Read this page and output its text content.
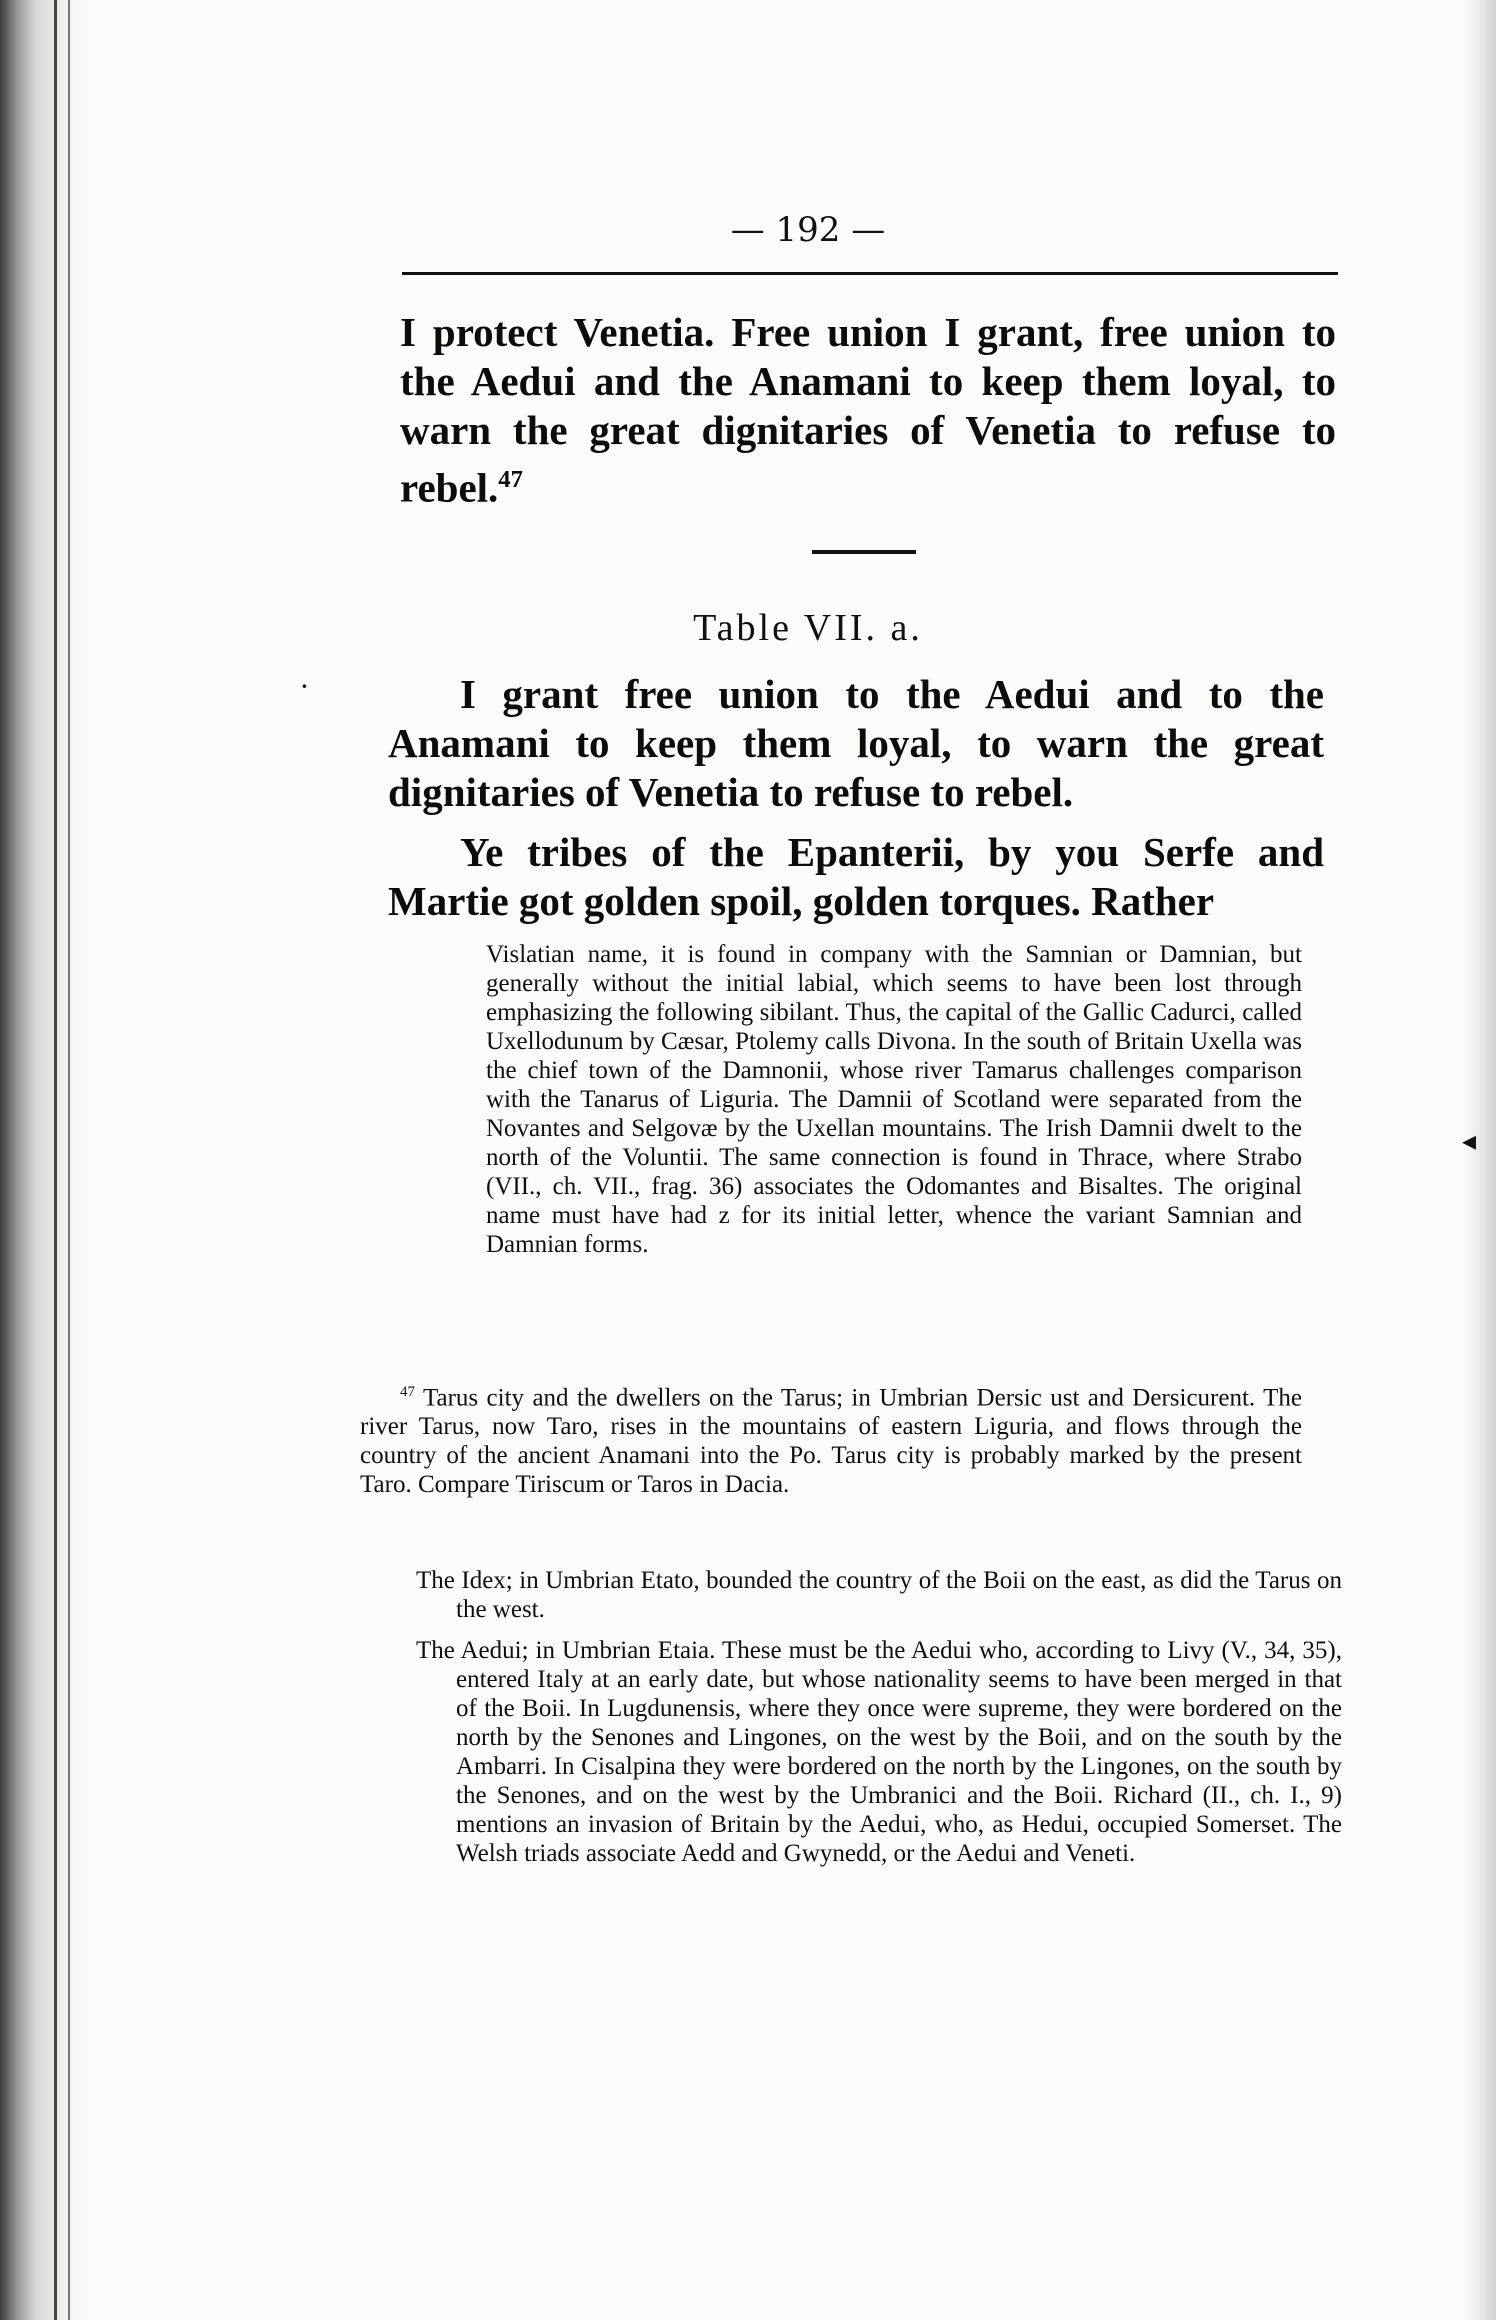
— 192 —
I protect Venetia. Free union I grant, free union to the Aedui and the Anamani to keep them loyal, to warn the great dignitaries of Venetia to refuse to rebel.$^{47}$
Table VII. a.
I grant free union to the Aedui and to the Anamani to keep them loyal, to warn the great dignitaries of Venetia to refuse to rebel.
Ye tribes of the Epanterii, by you Serfe and Martie got golden spoil, golden torques. Rather
Vislatian name, it is found in company with the Samnian or Damnian, but generally without the initial labial, which seems to have been lost through emphasizing the following sibilant. Thus, the capital of the Gallic Cadurci, called Uxellodunum by Cæsar, Ptolemy calls Divona. In the south of Britain Uxella was the chief town of the Damnonii, whose river Tamarus challenges comparison with the Tanarus of Liguria. The Damnii of Scotland were separated from the Novantes and Selgovæ by the Uxellan mountains. The Irish Damnii dwelt to the north of the Voluntii. The same connection is found in Thrace, where Strabo (VII., ch. VII., frag. 36) associates the Odomantes and Bisaltes. The original name must have had z for its initial letter, whence the variant Samnian and Damnian forms.
$^{47}$ Tarus city and the dwellers on the Tarus; in Umbrian Dersic ust and Dersicurent. The river Tarus, now Taro, rises in the mountains of eastern Liguria, and flows through the country of the ancient Anamani into the Po. Tarus city is probably marked by the present Taro. Compare Tiriscum or Taros in Dacia.
The Idex; in Umbrian Etato, bounded the country of the Boii on the east, as did the Tarus on the west.
The Aedui; in Umbrian Etaia. These must be the Aedui who, according to Livy (V., 34, 35), entered Italy at an early date, but whose nationality seems to have been merged in that of the Boii. In Lugdunensis, where they once were supreme, they were bordered on the north by the Senones and Lingones, on the west by the Boii, and on the south by the Ambarri. In Cisalpina they were bordered on the north by the Lingones, on the south by the Senones, and on the west by the Umbranici and the Boii. Richard (II., ch. I., 9) mentions an invasion of Britain by the Aedui, who, as Hedui, occupied Somerset. The Welsh triads associate Aedd and Gwynedd, or the Aedui and Veneti.
·
◂
